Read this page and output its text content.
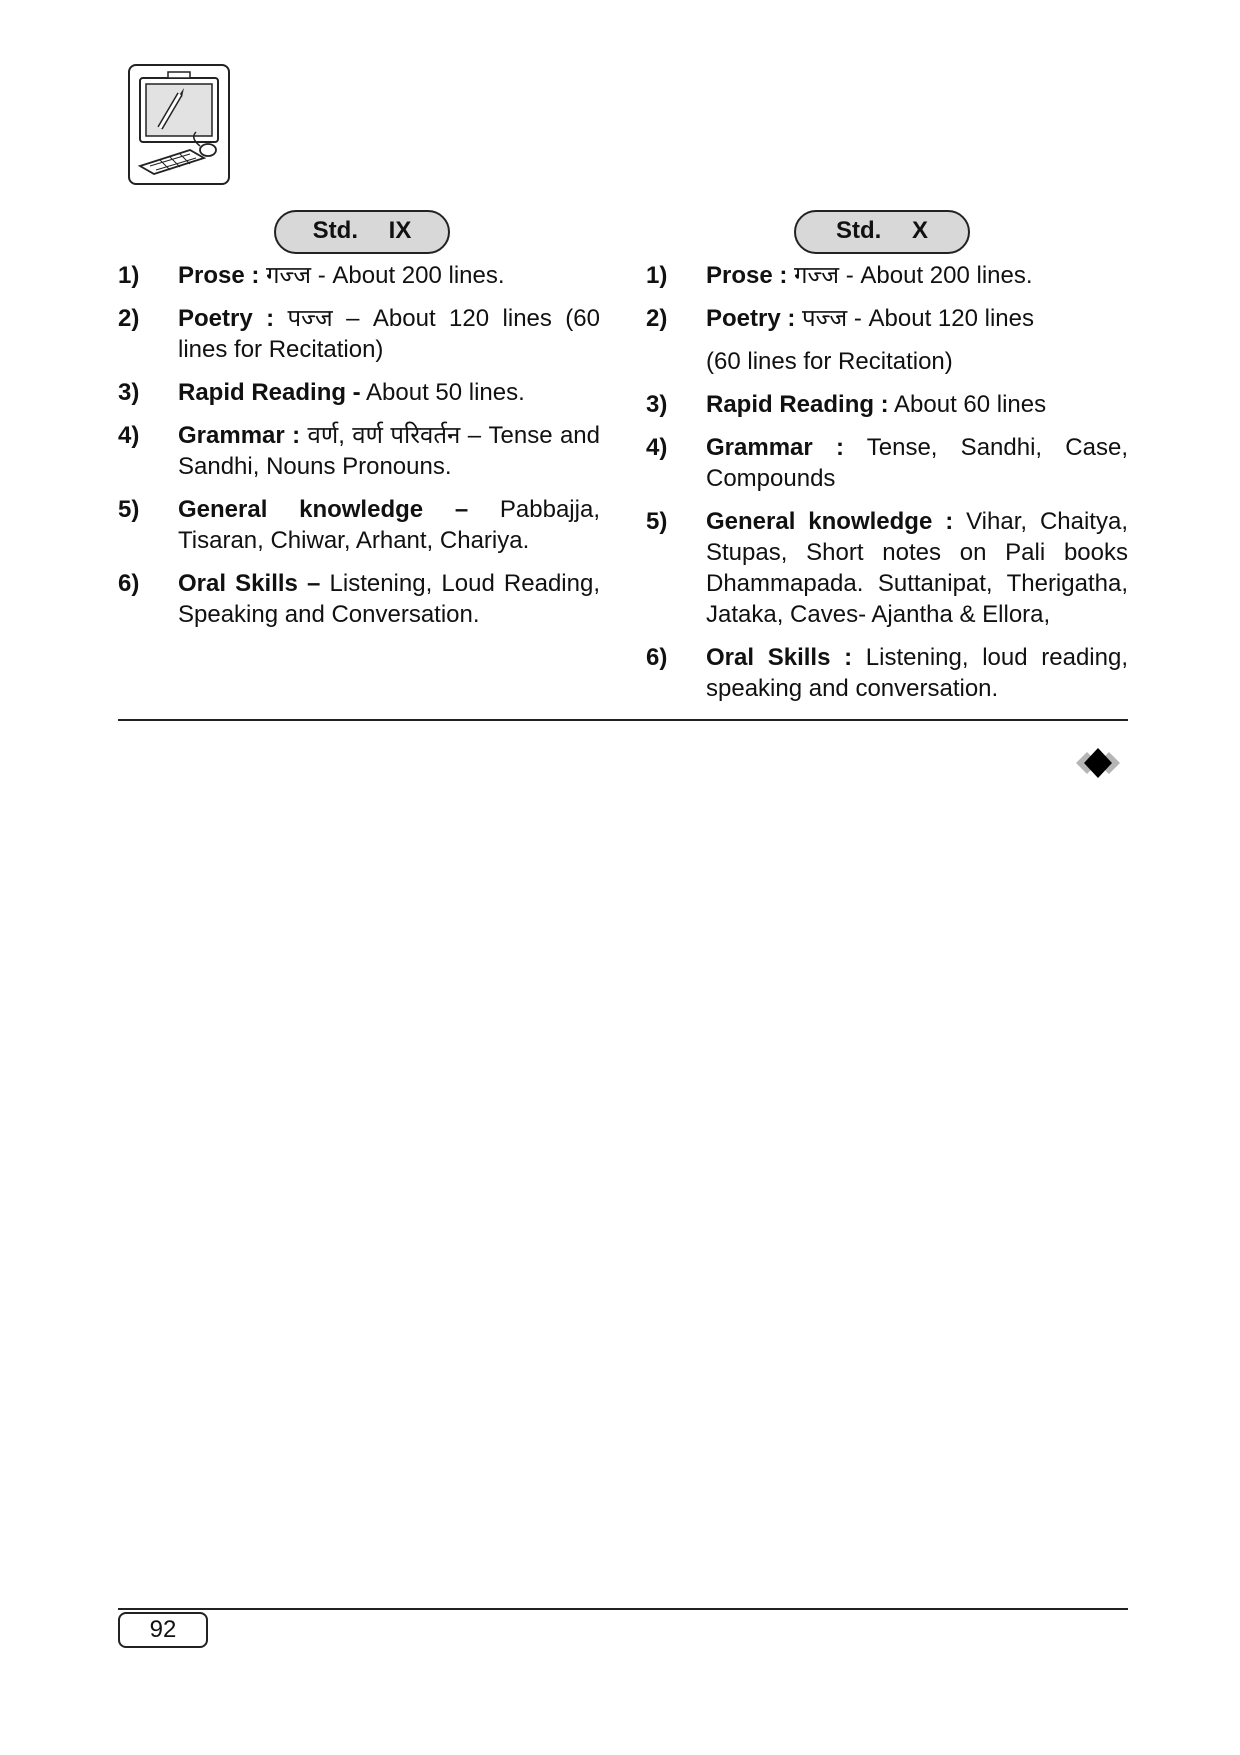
Std. IX
1)	Prose : गज्ज - About 200 lines.
2)	Poetry : पज्ज – About 120 lines (60 lines for Recitation)
3)	Rapid Reading - About 50 lines.
4)	Grammar : वर्ण, वर्ण परिवर्तन – Tense and Sandhi, Nouns Pronouns.
5)	General knowledge – Pabbajja, Tisaran, Chiwar, Arhant, Chariya.
6)	Oral Skills – Listening, Loud Reading, Speaking and Conversation.
Std. X
1)	Prose : गज्ज - About 200 lines.
2)	Poetry : पज्ज - About 120 lines
(60 lines for Recitation)
3)	Rapid Reading : About 60 lines
4)	Grammar : Tense, Sandhi, Case, Compounds
5)	General knowledge : Vihar, Chaitya, Stupas, Short notes on Pali books Dhammapada. Suttanipat, Therigatha, Jataka, Caves- Ajantha & Ellora,
6)	Oral Skills : Listening, loud reading, speaking and conversation.
92
